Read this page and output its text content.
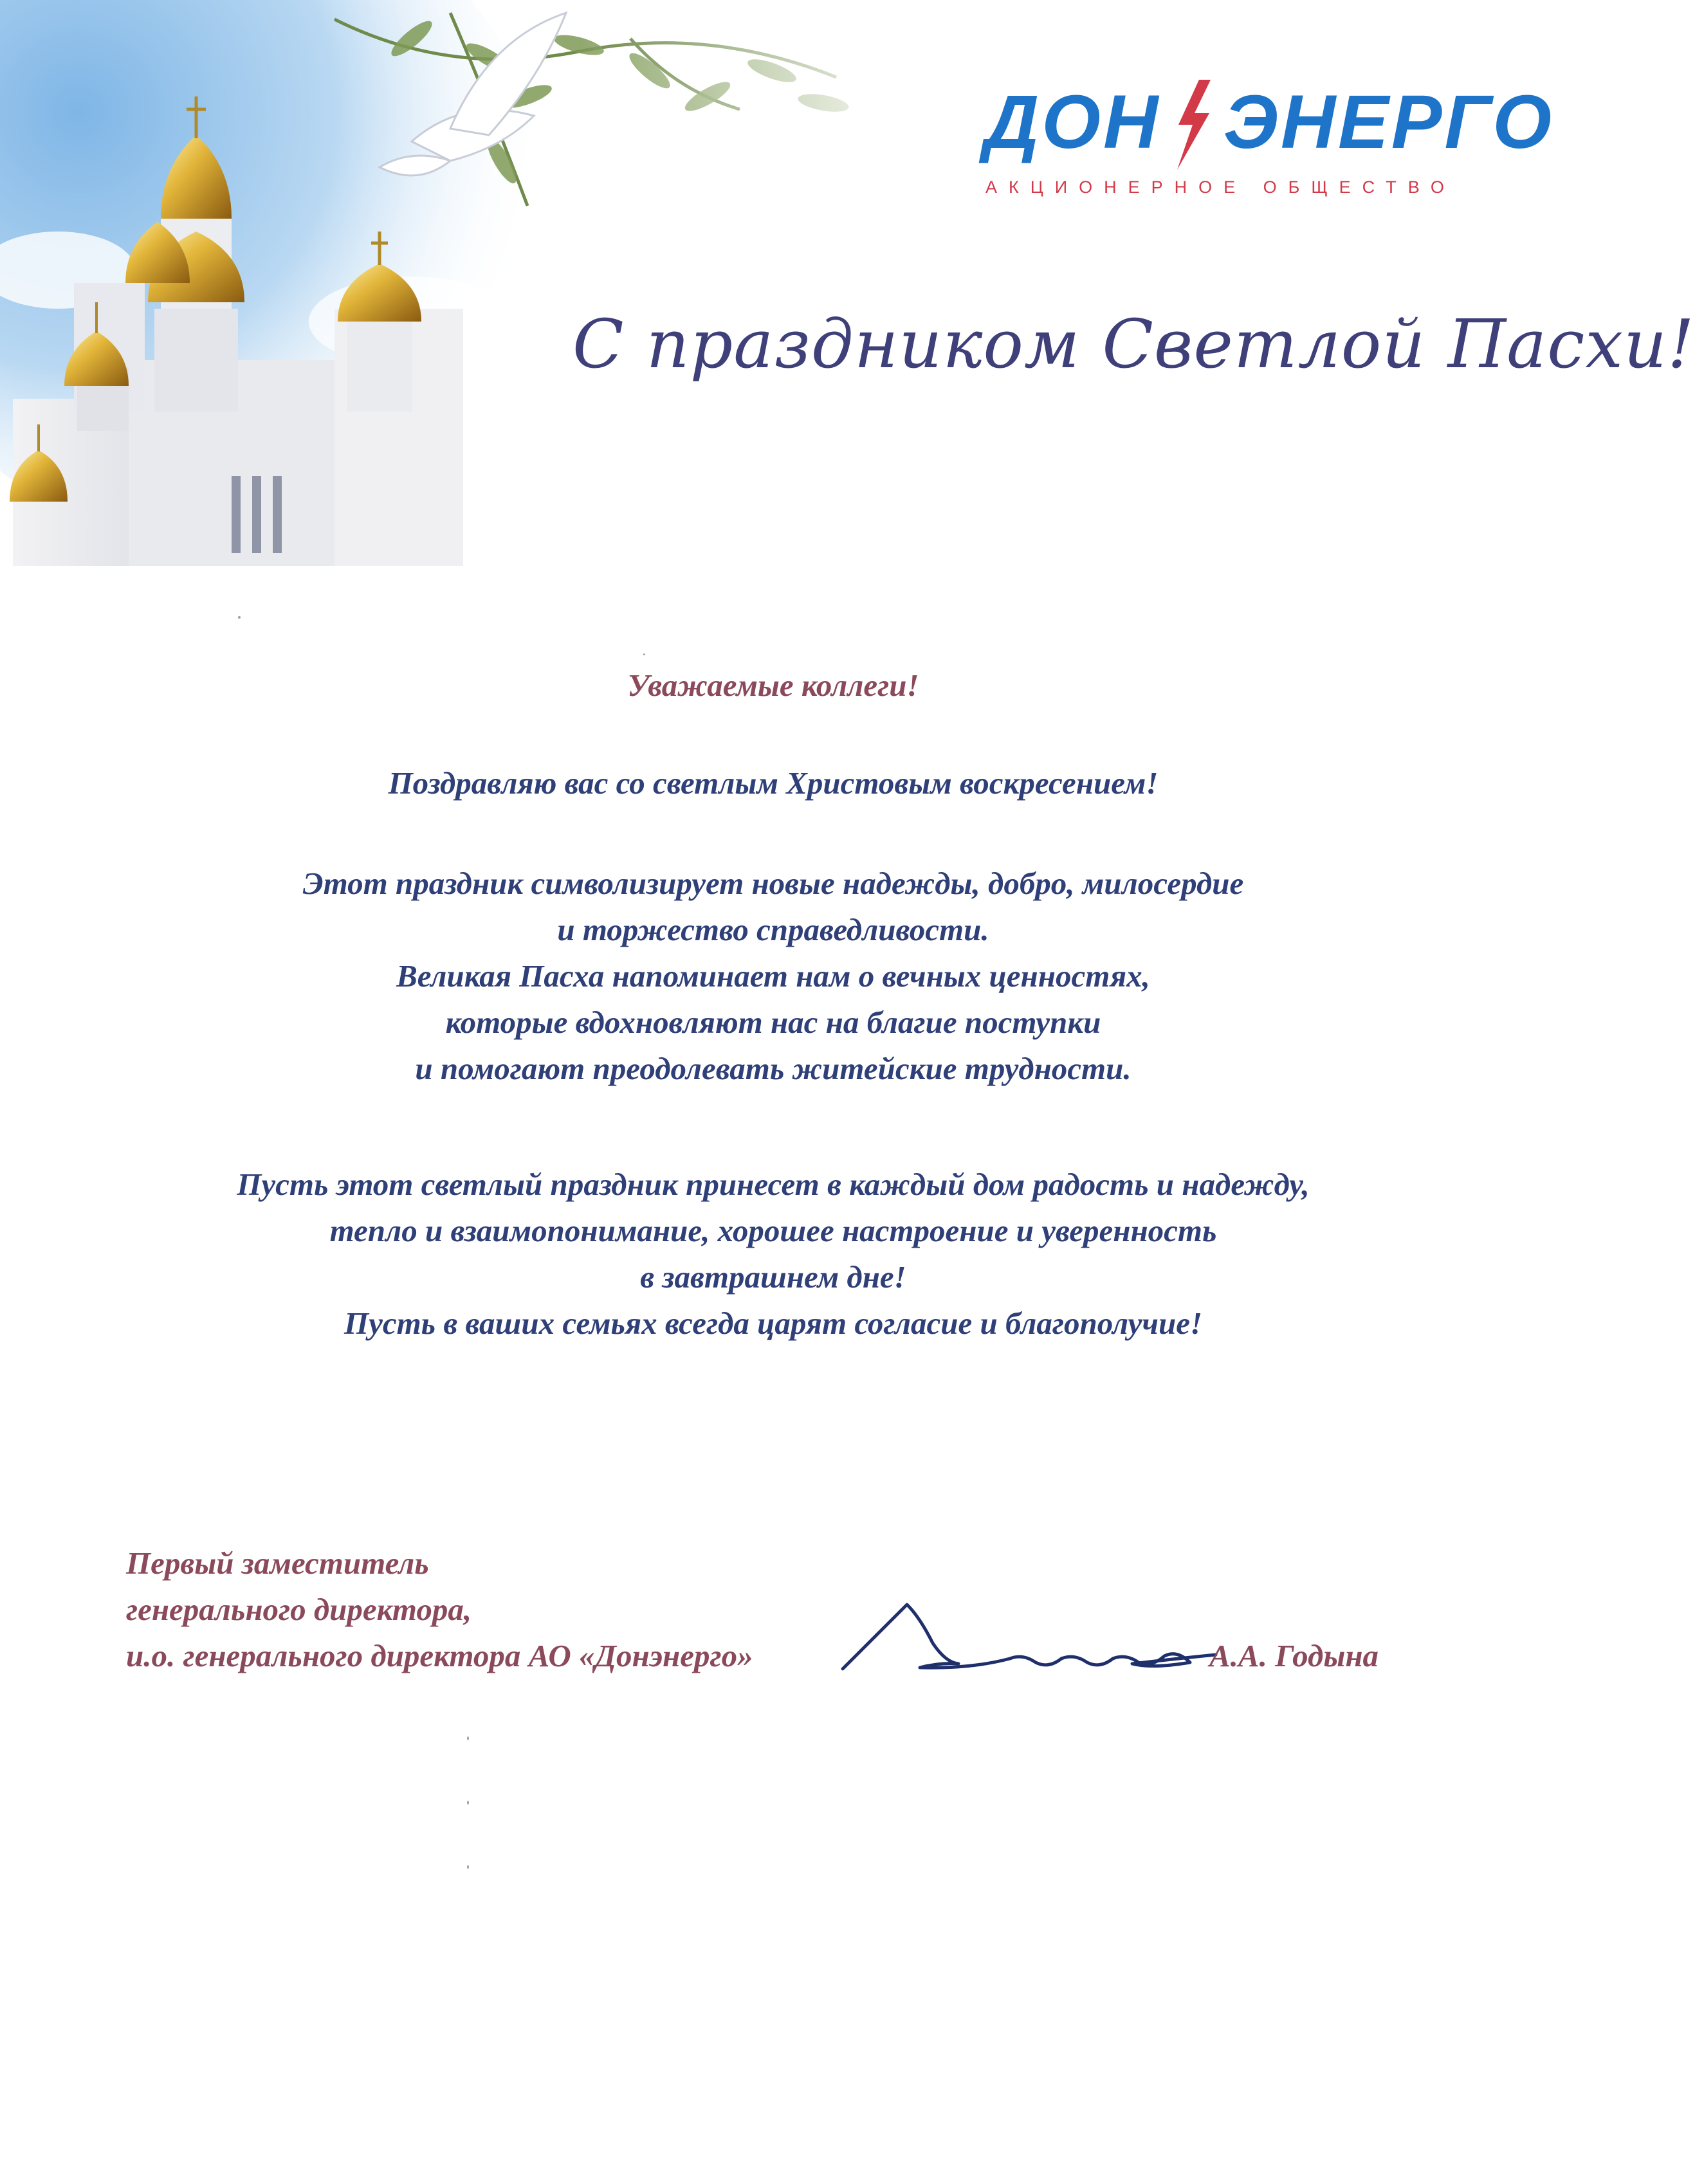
ДОН ЭНЕРГО
АКЦИОНЕРНОЕ ОБЩЕСТВО
С праздником Светлой Пасхи!
Уважаемые коллеги!
Поздравляю вас со светлым Христовым воскресением!
Этот праздник символизирует новые надежды, добро, милосердие
и торжество справедливости.
Великая Пасха напоминает нам о вечных ценностях,
которые вдохновляют нас на благие поступки
и помогают преодолевать житейские трудности.
Пусть этот светлый праздник принесет в каждый дом радость и надежду,
тепло и взаимопонимание, хорошее настроение и уверенность
в завтрашнем дне!
Пусть в ваших семьях всегда царят согласие и благополучие!
Первый заместитель
генерального директора,
и.о. генерального директора АО «Донэнерго»	А.А. Годына
